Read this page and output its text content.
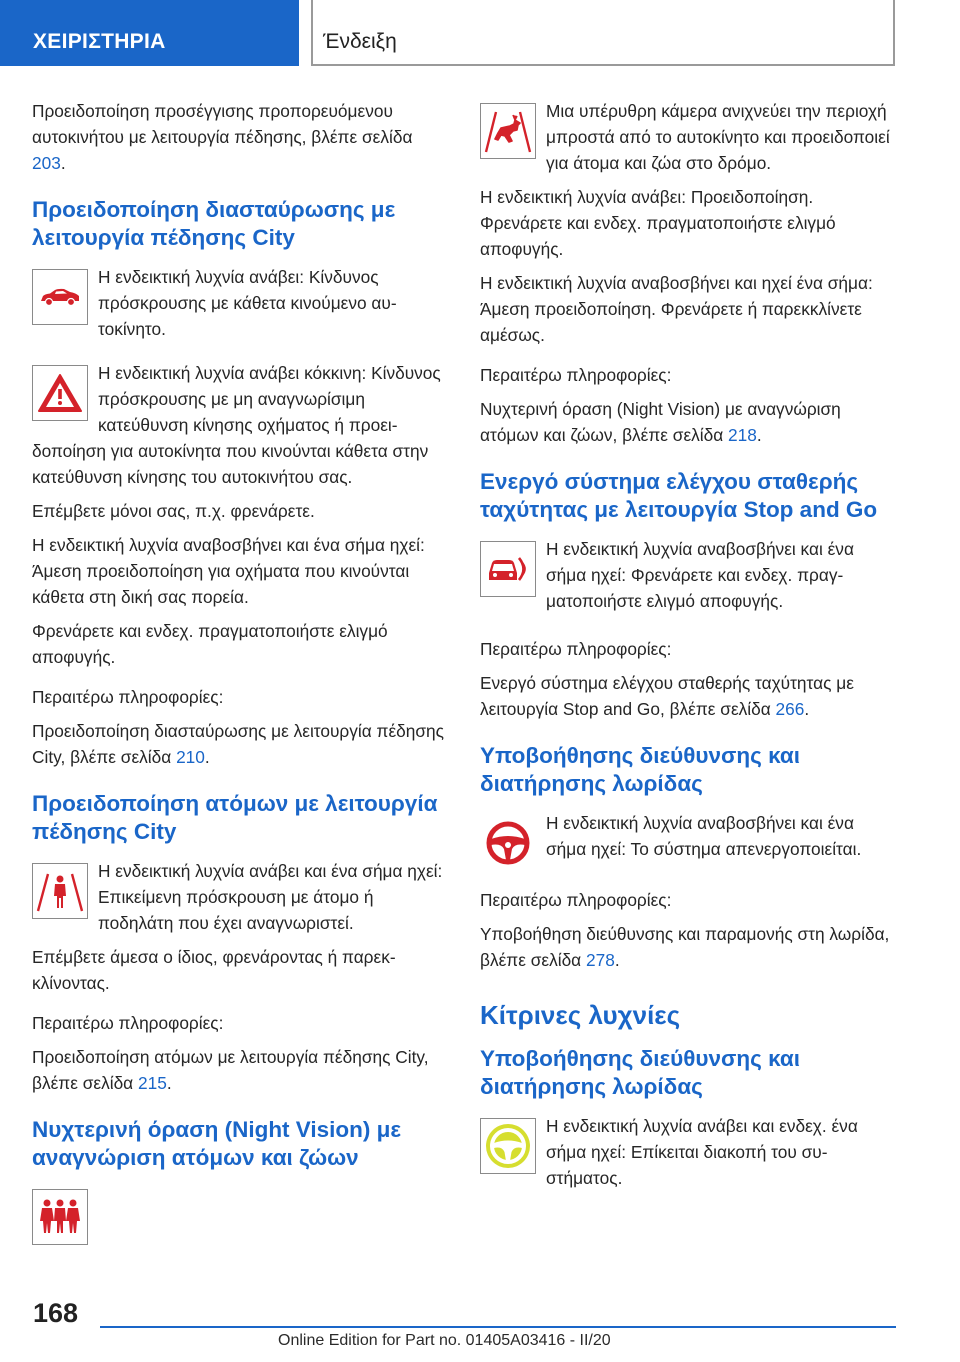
ΧΕΙΡΙΣΤΗΡΙΑ	Ένδειξη

Προειδοποίηση προσέγγισης προπορευόμενου αυτοκινήτου με λειτουργία πέδησης, βλέπε σελίδα 203.

Προειδοποίηση διασταύρωσης με λειτουργία πέδησης City

Η ενδεικτική λυχνία ανάβει: Κίνδυνος πρόσκρουσης με κάθετα κινούμενο αυτοκίνητο.

Η ενδεικτική λυχνία ανάβει κόκκινη: Κίνδυνος πρόσκρουσης με μη αναγνωρίσιμη κατεύθυνση κίνησης οχήματος ή προειδοποίηση για αυτοκίνητα που κινούνται κάθετα στην κατεύθυνση κίνησης του αυτοκινήτου σας.

Επέμβετε μόνοι σας, π.χ. φρενάρετε.

Η ενδεικτική λυχνία αναβοσβήνει και ένα σήμα ηχεί: Άμεση προειδοποίηση για οχήματα που κινούνται κάθετα στη δική σας πορεία.

Φρενάρετε και ενδεχ. πραγματοποιήστε ελιγμό αποφυγής.

Περαιτέρω πληροφορίες:

Προειδοποίηση διασταύρωσης με λειτουργία πέδησης City, βλέπε σελίδα 210.

Προειδοποίηση ατόμων με λειτουργία πέδησης City

Η ενδεικτική λυχνία ανάβει και ένα σήμα ηχεί: Επικείμενη πρόσκρουση με άτομο ή ποδηλάτη που έχει αναγνωριστεί.

Επέμβετε άμεσα ο ίδιος, φρενάροντας ή παρεκκλίνοντας.

Περαιτέρω πληροφορίες:

Προειδοποίηση ατόμων με λειτουργία πέδησης City, βλέπε σελίδα 215.

Νυχτερινή όραση (Night Vision) με αναγνώριση ατόμων και ζώων

Μια υπέρυθρη κάμερα ανιχνεύει την περιοχή μπροστά από το αυτοκίνητο και προειδοποιεί για άτομα και ζώα στο δρόμο.

Η ενδεικτική λυχνία ανάβει: Προειδοποίηση. Φρενάρετε και ενδεχ. πραγματοποιήστε ελιγμό αποφυγής.

Η ενδεικτική λυχνία αναβοσβήνει και ηχεί ένα σήμα: Άμεση προειδοποίηση. Φρενάρετε ή παρεκκλίνετε αμέσως.

Περαιτέρω πληροφορίες:

Νυχτερινή όραση (Night Vision) με αναγνώριση ατόμων και ζώων, βλέπε σελίδα 218.

Ενεργό σύστημα ελέγχου σταθερής ταχύτητας με λειτουργία Stop and Go

Η ενδεικτική λυχνία αναβοσβήνει και ένα σήμα ηχεί: Φρενάρετε και ενδεχ. πραγματοποιήστε ελιγμό αποφυγής.

Περαιτέρω πληροφορίες:

Ενεργό σύστημα ελέγχου σταθερής ταχύτητας με λειτουργία Stop and Go, βλέπε σελίδα 266.

Υποβοήθησης διεύθυνσης και διατήρησης λωρίδας

Η ενδεικτική λυχνία αναβοσβήνει και ένα σήμα ηχεί: Το σύστημα απενεργοποιείται.

Περαιτέρω πληροφορίες:

Υποβοήθηση διεύθυνσης και παραμονής στη λωρίδα, βλέπε σελίδα 278.

Κίτρινες λυχνίες
Υποβοήθησης διεύθυνσης και διατήρησης λωρίδας

Η ενδεικτική λυχνία ανάβει και ενδεχ. ένα σήμα ηχεί: Επίκειται διακοπή του συστήματος.

168
Online Edition for Part no. 01405A03416 - II/20
